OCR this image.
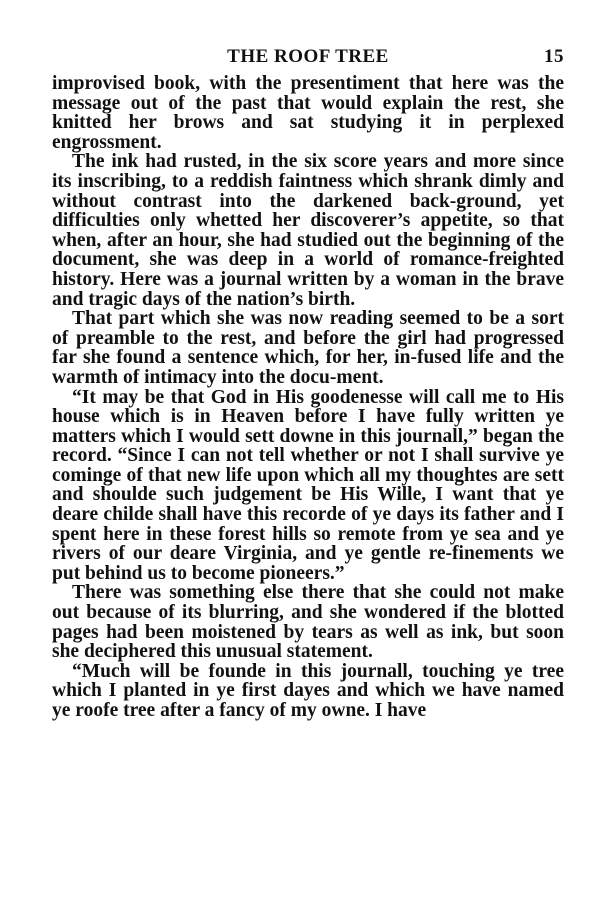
THE ROOF TREE	15

improvised book, with the presentiment that here was the message out of the past that would explain the rest, she knitted her brows and sat studying it in perplexed engrossment.

The ink had rusted, in the six score years and more since its inscribing, to a reddish faintness which shrank dimly and without contrast into the darkened back-ground, yet difficulties only whetted her discoverer’s appetite, so that when, after an hour, she had studied out the beginning of the document, she was deep in a world of romance-freighted history. Here was a journal written by a woman in the brave and tragic days of the nation’s birth.

That part which she was now reading seemed to be a sort of preamble to the rest, and before the girl had progressed far she found a sentence which, for her, in-fused life and the warmth of intimacy into the docu-ment.

“It may be that God in His goodenesse will call me to His house which is in Heaven before I have fully written ye matters which I would sett downe in this journall,” began the record. “Since I can not tell whether or not I shall survive ye cominge of that new life upon which all my thoughtes are sett and shoulde such judgement be His Wille, I want that ye deare childe shall have this recorde of ye days its father and I spent here in these forest hills so remote from ye sea and ye rivers of our deare Virginia, and ye gentle re-finements we put behind us to become pioneers.”

There was something else there that she could not make out because of its blurring, and she wondered if the blotted pages had been moistened by tears as well as ink, but soon she deciphered this unusual statement.

“Much will be founde in this journall, touching ye tree which I planted in ye first dayes and which we have named ye roofe tree after a fancy of my owne. I have
